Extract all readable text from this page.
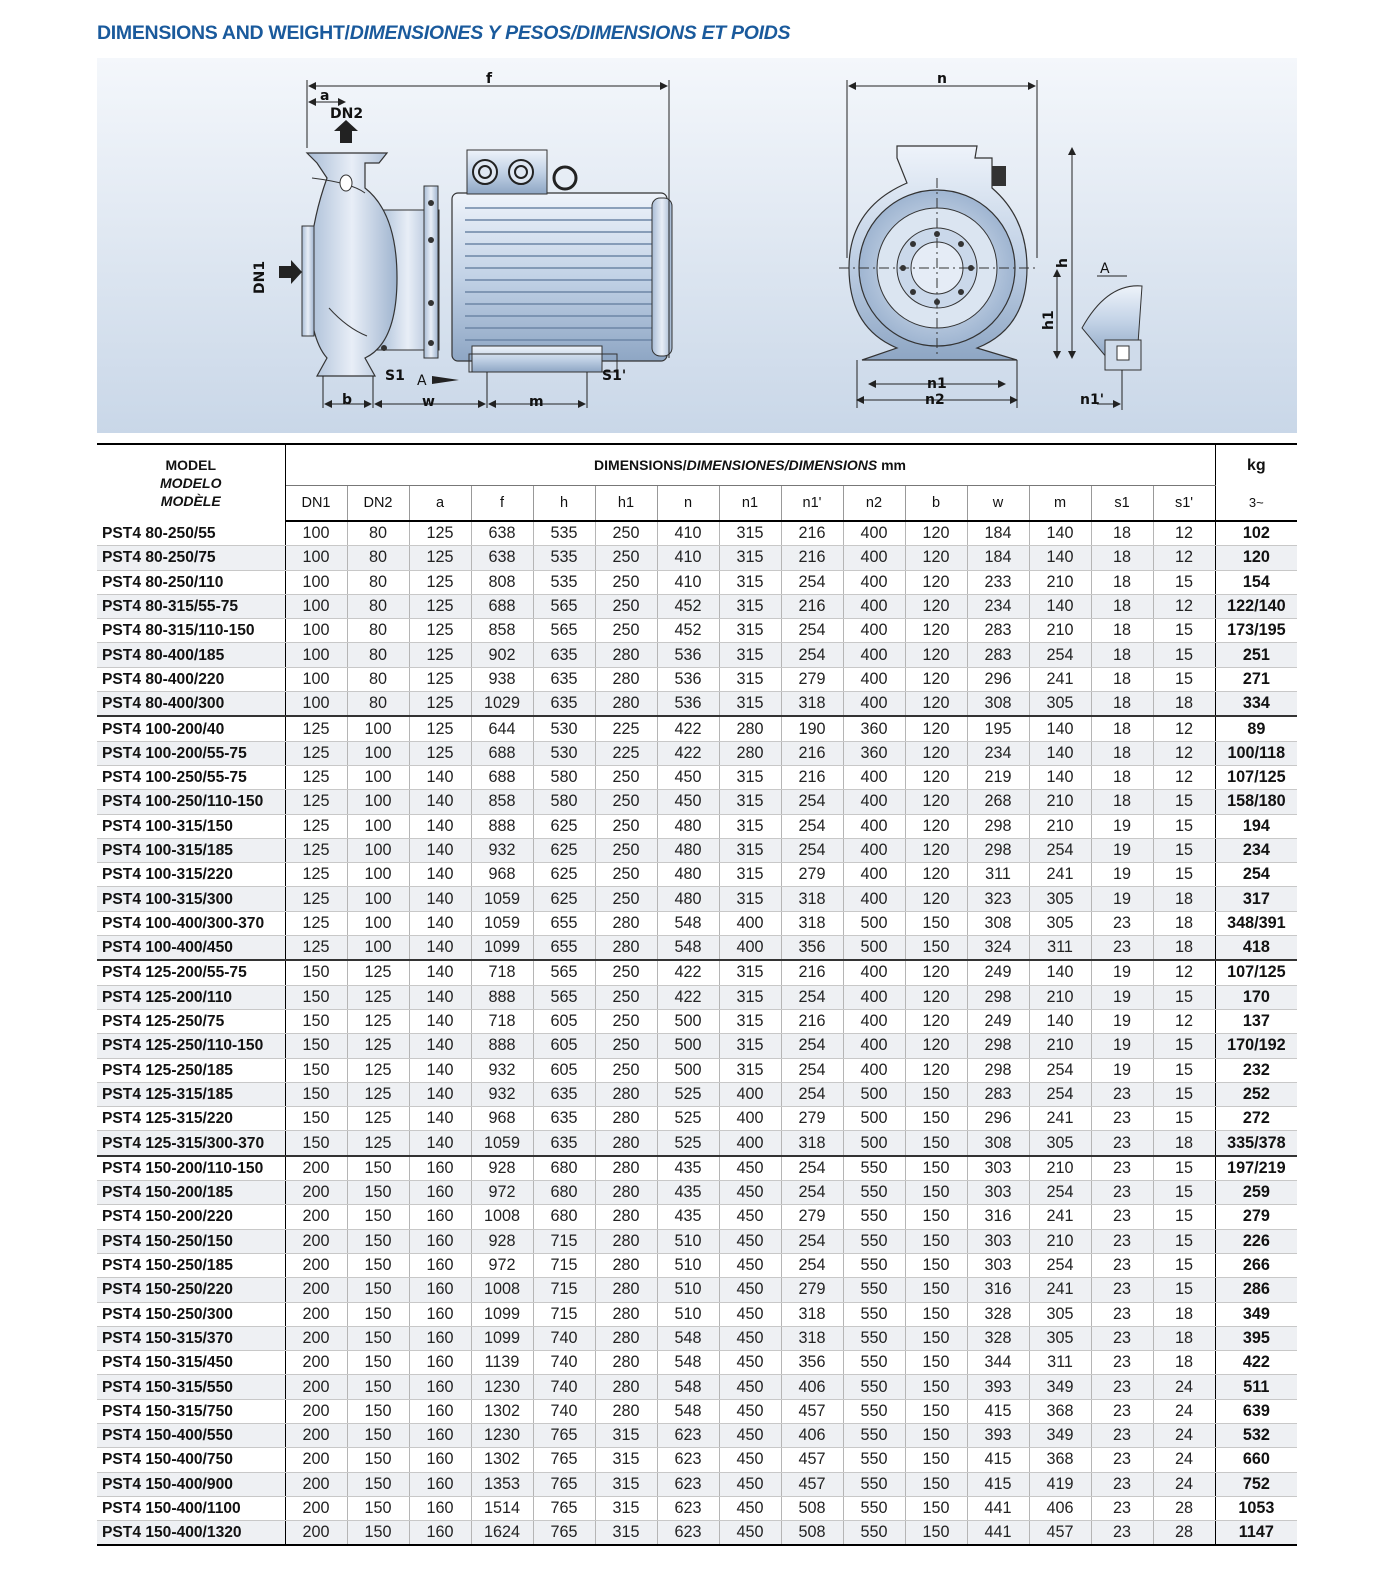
DIMENSIONS AND WEIGHT/DIMENSIONES Y PESOS/DIMENSIONS ET POIDS
f
a
DN2
DN1
b	w	m
S1	S1'
A
n
h
h1
n1
n2
A
n1'
MODEL
MODELO
MODÈLE	DIMENSIONS/DIMENSIONES/DIMENSIONS mm															kg
	DN1	DN2	a	f	h	h1	n	n1	n1'	n2	b	w	m	s1	s1'	3~
PST4 80-250/55	100	80	125	638	535	250	410	315	216	400	120	184	140	18	12	102
PST4 80-250/75	100	80	125	638	535	250	410	315	216	400	120	184	140	18	12	120
PST4 80-250/110	100	80	125	808	535	250	410	315	254	400	120	233	210	18	15	154
PST4 80-315/55-75	100	80	125	688	565	250	452	315	216	400	120	234	140	18	12	122/140
PST4 80-315/110-150	100	80	125	858	565	250	452	315	254	400	120	283	210	18	15	173/195
PST4 80-400/185	100	80	125	902	635	280	536	315	254	400	120	283	254	18	15	251
PST4 80-400/220	100	80	125	938	635	280	536	315	279	400	120	296	241	18	15	271
PST4 80-400/300	100	80	125	1029	635	280	536	315	318	400	120	308	305	18	18	334
PST4 100-200/40	125	100	125	644	530	225	422	280	190	360	120	195	140	18	12	89
PST4 100-200/55-75	125	100	125	688	530	225	422	280	216	360	120	234	140	18	12	100/118
PST4 100-250/55-75	125	100	140	688	580	250	450	315	216	400	120	219	140	18	12	107/125
PST4 100-250/110-150	125	100	140	858	580	250	450	315	254	400	120	268	210	18	15	158/180
PST4 100-315/150	125	100	140	888	625	250	480	315	254	400	120	298	210	19	15	194
PST4 100-315/185	125	100	140	932	625	250	480	315	254	400	120	298	254	19	15	234
PST4 100-315/220	125	100	140	968	625	250	480	315	279	400	120	311	241	19	15	254
PST4 100-315/300	125	100	140	1059	625	250	480	315	318	400	120	323	305	19	18	317
PST4 100-400/300-370	125	100	140	1059	655	280	548	400	318	500	150	308	305	23	18	348/391
PST4 100-400/450	125	100	140	1099	655	280	548	400	356	500	150	324	311	23	18	418
PST4 125-200/55-75	150	125	140	718	565	250	422	315	216	400	120	249	140	19	12	107/125
PST4 125-200/110	150	125	140	888	565	250	422	315	254	400	120	298	210	19	15	170
PST4 125-250/75	150	125	140	718	605	250	500	315	216	400	120	249	140	19	12	137
PST4 125-250/110-150	150	125	140	888	605	250	500	315	254	400	120	298	210	19	15	170/192
PST4 125-250/185	150	125	140	932	605	250	500	315	254	400	120	298	254	19	15	232
PST4 125-315/185	150	125	140	932	635	280	525	400	254	500	150	283	254	23	15	252
PST4 125-315/220	150	125	140	968	635	280	525	400	279	500	150	296	241	23	15	272
PST4 125-315/300-370	150	125	140	1059	635	280	525	400	318	500	150	308	305	23	18	335/378
PST4 150-200/110-150	200	150	160	928	680	280	435	450	254	550	150	303	210	23	15	197/219
PST4 150-200/185	200	150	160	972	680	280	435	450	254	550	150	303	254	23	15	259
PST4 150-200/220	200	150	160	1008	680	280	435	450	279	550	150	316	241	23	15	279
PST4 150-250/150	200	150	160	928	715	280	510	450	254	550	150	303	210	23	15	226
PST4 150-250/185	200	150	160	972	715	280	510	450	254	550	150	303	254	23	15	266
PST4 150-250/220	200	150	160	1008	715	280	510	450	279	550	150	316	241	23	15	286
PST4 150-250/300	200	150	160	1099	715	280	510	450	318	550	150	328	305	23	18	349
PST4 150-315/370	200	150	160	1099	740	280	548	450	318	550	150	328	305	23	18	395
PST4 150-315/450	200	150	160	1139	740	280	548	450	356	550	150	344	311	23	18	422
PST4 150-315/550	200	150	160	1230	740	280	548	450	406	550	150	393	349	23	24	511
PST4 150-315/750	200	150	160	1302	740	280	548	450	457	550	150	415	368	23	24	639
PST4 150-400/550	200	150	160	1230	765	315	623	450	406	550	150	393	349	23	24	532
PST4 150-400/750	200	150	160	1302	765	315	623	450	457	550	150	415	368	23	24	660
PST4 150-400/900	200	150	160	1353	765	315	623	450	457	550	150	415	419	23	24	752
PST4 150-400/1100	200	150	160	1514	765	315	623	450	508	550	150	441	406	23	28	1053
PST4 150-400/1320	200	150	160	1624	765	315	623	450	508	550	150	441	457	23	28	1147
